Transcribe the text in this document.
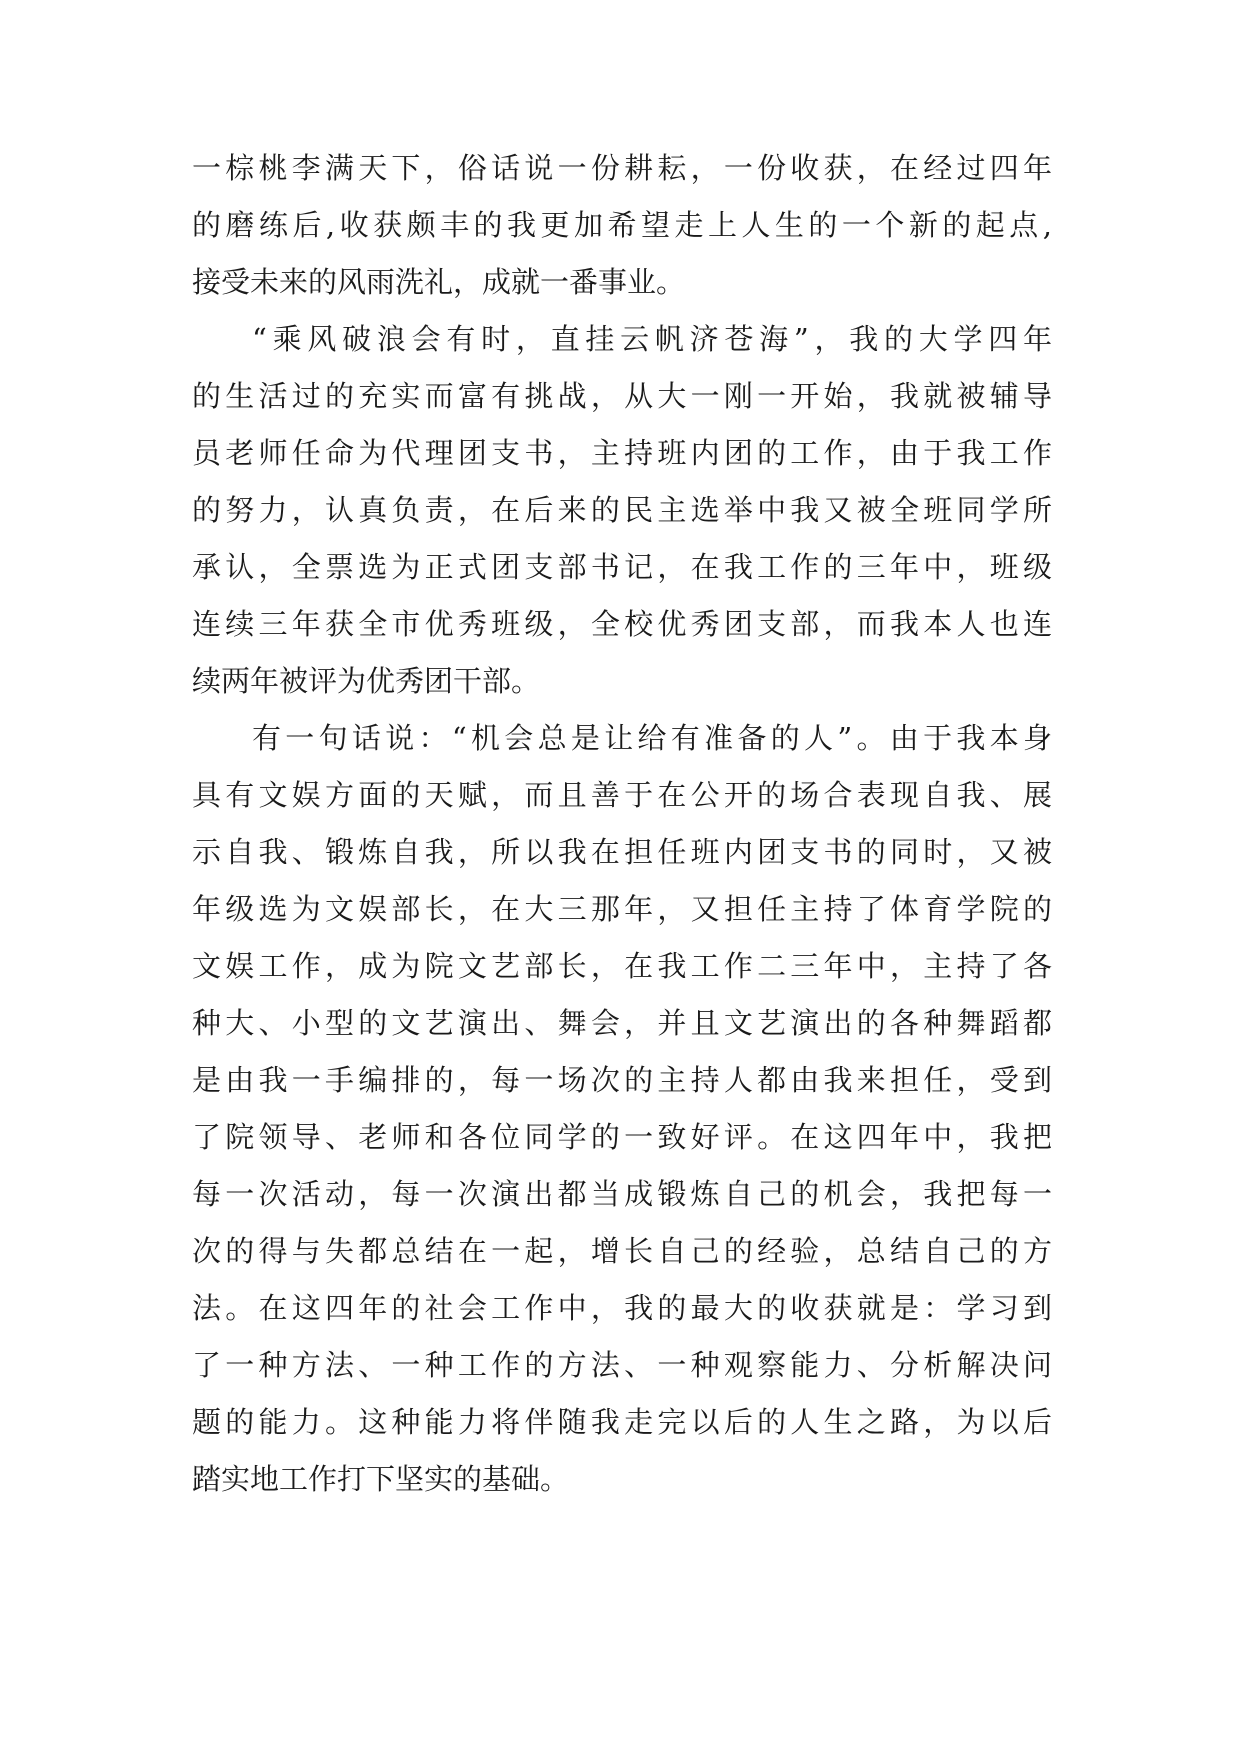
一棕桃李满天下，俗话说一份耕耘，一份收获，在经过四年

的磨练后,收获颇丰的我更加希望走上人生的一个新的起点,

接受未来的风雨洗礼，成就一番事业。

“乘风破浪会有时，直挂云帆济苍海”，我的大学四年

的生活过的充实而富有挑战，从大一刚一开始，我就被辅导

员老师任命为代理团支书，主持班内团的工作，由于我工作

的努力，认真负责，在后来的民主选举中我又被全班同学所

承认，全票选为正式团支部书记，在我工作的三年中，班级

连续三年获全市优秀班级，全校优秀团支部，而我本人也连

续两年被评为优秀团干部。

有一句话说：“机会总是让给有准备的人”。由于我本身

具有文娱方面的天赋，而且善于在公开的场合表现自我、展

示自我、锻炼自我，所以我在担任班内团支书的同时，又被

年级选为文娱部长，在大三那年，又担任主持了体育学院的

文娱工作，成为院文艺部长，在我工作二三年中，主持了各

种大、小型的文艺演出、舞会，并且文艺演出的各种舞蹈都

是由我一手编排的，每一场次的主持人都由我来担任，受到

了院领导、老师和各位同学的一致好评。在这四年中，我把

每一次活动，每一次演出都当成锻炼自己的机会，我把每一

次的得与失都总结在一起，增长自己的经验，总结自己的方

法。在这四年的社会工作中，我的最大的收获就是：学习到

了一种方法、一种工作的方法、一种观察能力、分析解决问

题的能力。这种能力将伴随我走完以后的人生之路，为以后

踏实地工作打下坚实的基础。
